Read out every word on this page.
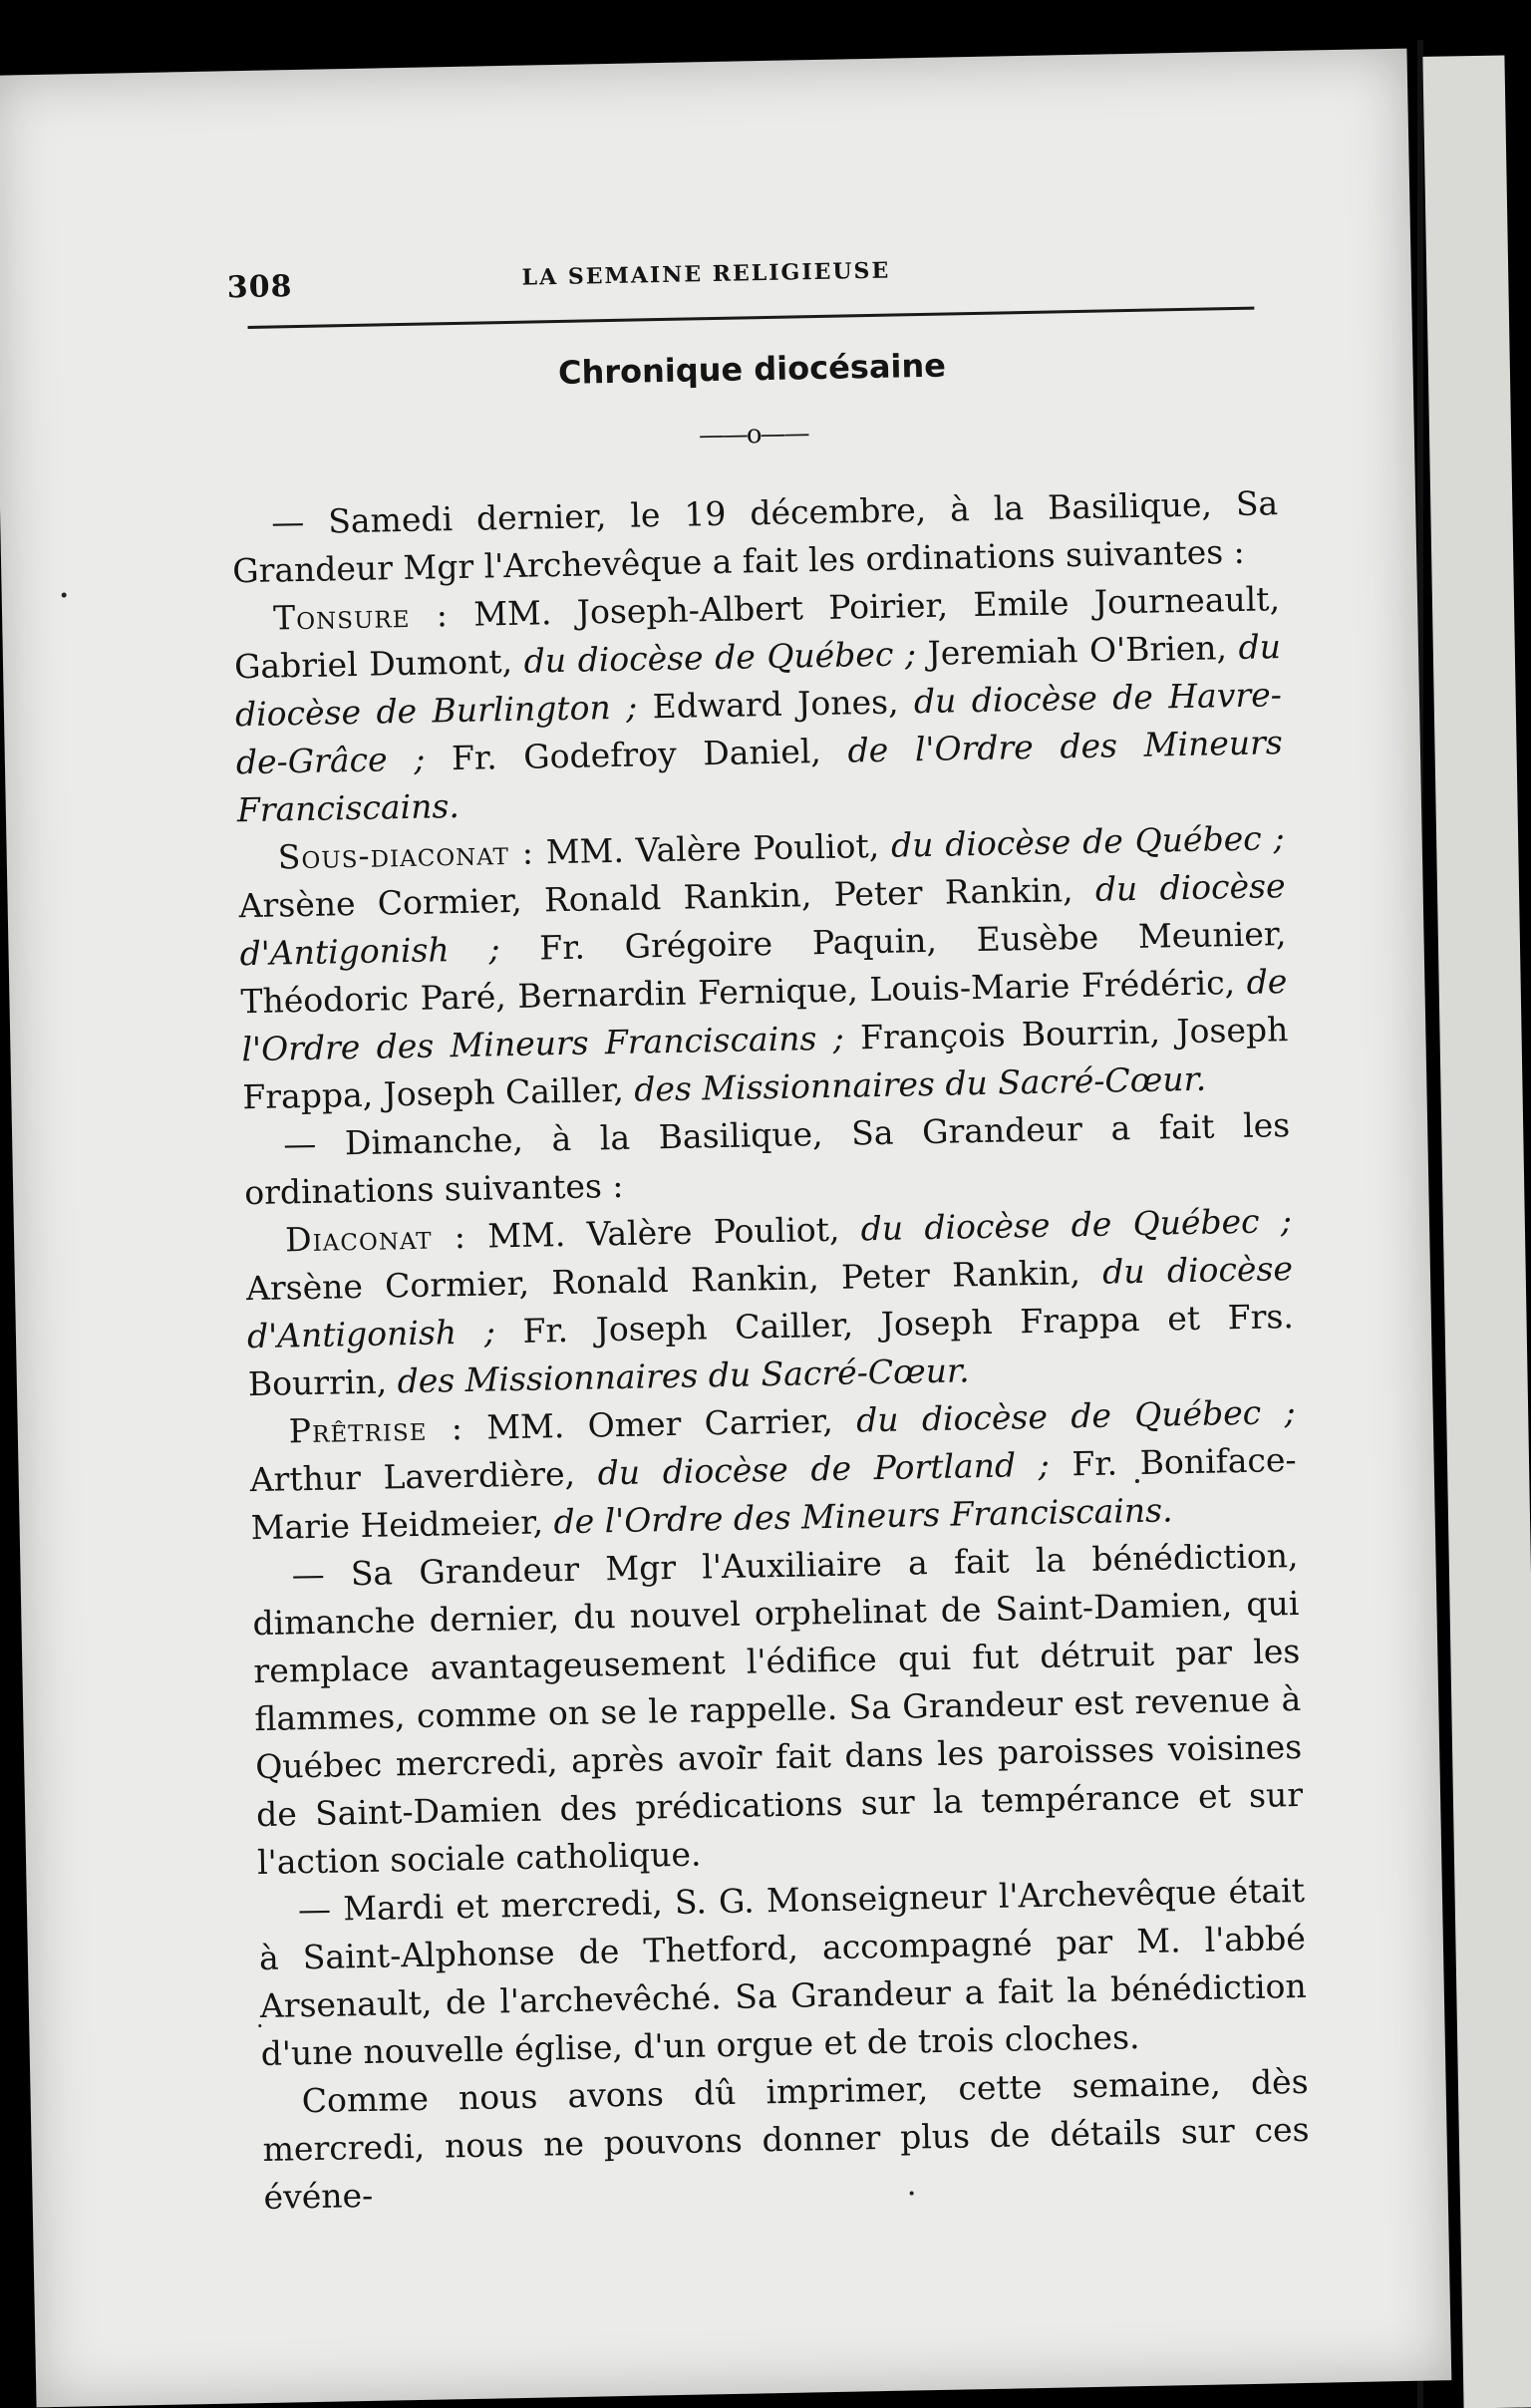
308	LA SEMAINE RELIGIEUSE
Chronique diocésaine
——o——

— Samedi dernier, le 19 décembre, à la Basilique, Sa Grandeur Mgr l'Archevêque a fait les ordinations suivantes :

Tonsure : MM. Joseph-Albert Poirier, Emile Journeault, Gabriel Dumont, du diocèse de Québec ; Jeremiah O'Brien, du diocèse de Burlington ; Edward Jones, du diocèse de Havre-de-Grâce ; Fr. Godefroy Daniel, de l'Ordre des Mineurs Franciscains.

Sous-diaconat : MM. Valère Pouliot, du diocèse de Québec ; Arsène Cormier, Ronald Rankin, Peter Rankin, du diocèse d'Antigonish ; Fr. Grégoire Paquin, Eusèbe Meunier, Théodoric Paré, Bernardin Fernique, Louis-Marie Frédéric, de l'Ordre des Mineurs Franciscains ; François Bourrin, Joseph Frappa, Joseph Cailler, des Missionnaires du Sacré-Cœur.

— Dimanche, à la Basilique, Sa Grandeur a fait les ordinations suivantes :

Diaconat : MM. Valère Pouliot, du diocèse de Québec ; Arsène Cormier, Ronald Rankin, Peter Rankin, du diocèse d'Antigonish ; Fr. Joseph Cailler, Joseph Frappa et Frs. Bourrin, des Missionnaires du Sacré-Cœur.

Prêtrise : MM. Omer Carrier, du diocèse de Québec ; Arthur Laverdière, du diocèse de Portland ; Fr. Boniface-Marie Heidmeier, de l'Ordre des Mineurs Franciscains.

— Sa Grandeur Mgr l'Auxiliaire a fait la bénédiction, dimanche dernier, du nouvel orphelinat de Saint-Damien, qui remplace avantageusement l'édifice qui fut détruit par les flammes, comme on se le rappelle. Sa Grandeur est revenue à Québec mercredi, après avoir fait dans les paroisses voisines de Saint-Damien des prédications sur la tempérance et sur l'action sociale catholique.

— Mardi et mercredi, S. G. Monseigneur l'Archevêque était à Saint-Alphonse de Thetford, accompagné par M. l'abbé Arsenault, de l'archevêché. Sa Grandeur a fait la bénédiction d'une nouvelle église, d'un orgue et de trois cloches.

Comme nous avons dû imprimer, cette semaine, dès mercredi, nous ne pouvons donner plus de détails sur ces événe-
